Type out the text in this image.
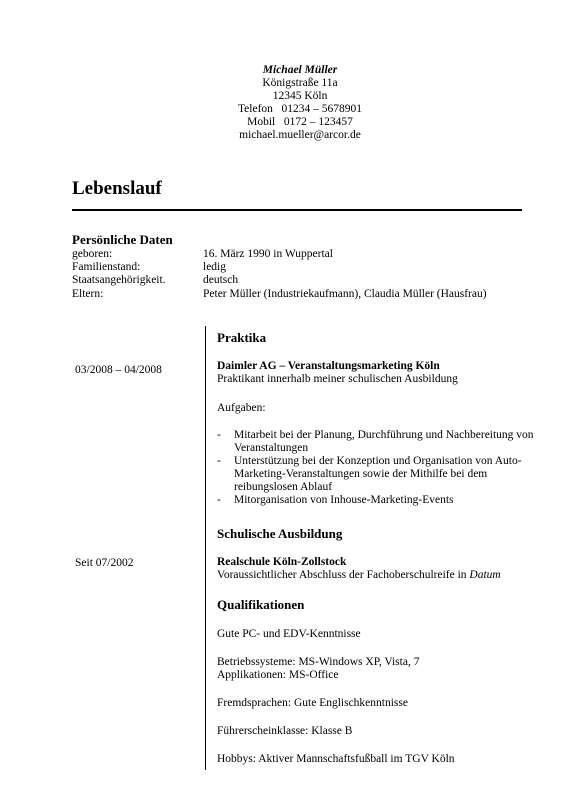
Michael Müller
Königstraße 11a
12345 Köln
Telefon   01234 – 5678901
Mobil   0172 – 123457
michael.mueller@arcor.de
Lebenslauf
Persönliche Daten
geboren:	16. März 1990 in Wuppertal
Familienstand:	ledig
Staatsangehörigkeit.	deutsch
Eltern:	Peter Müller (Industriekaufmann), Claudia Müller (Hausfrau)
Praktika
03/2008 – 04/2008	Daimler AG – Veranstaltungsmarketing Köln
Praktikant innerhalb meiner schulischen Ausbildung
Aufgaben:
- Mitarbeit bei der Planung, Durchführung und Nachbereitung von
Veranstaltungen
- Unterstützung bei der Konzeption und Organisation von Auto-
Marketing-Veranstaltungen sowie der Mithilfe bei dem
reibungslosen Ablauf
- Mitorganisation von Inhouse-Marketing-Events
Schulische Ausbildung
Seit 07/2002	Realschule Köln-Zollstock
Voraussichtlicher Abschluss der Fachoberschulreife in Datum
Qualifikationen
Gute PC- und EDV-Kenntnisse
Betriebssysteme: MS-Windows XP, Vista, 7
Applikationen: MS-Office
Fremdsprachen: Gute Englischkenntnisse
Führerscheinklasse: Klasse B
Hobbys: Aktiver Mannschaftsfußball im TGV Köln
